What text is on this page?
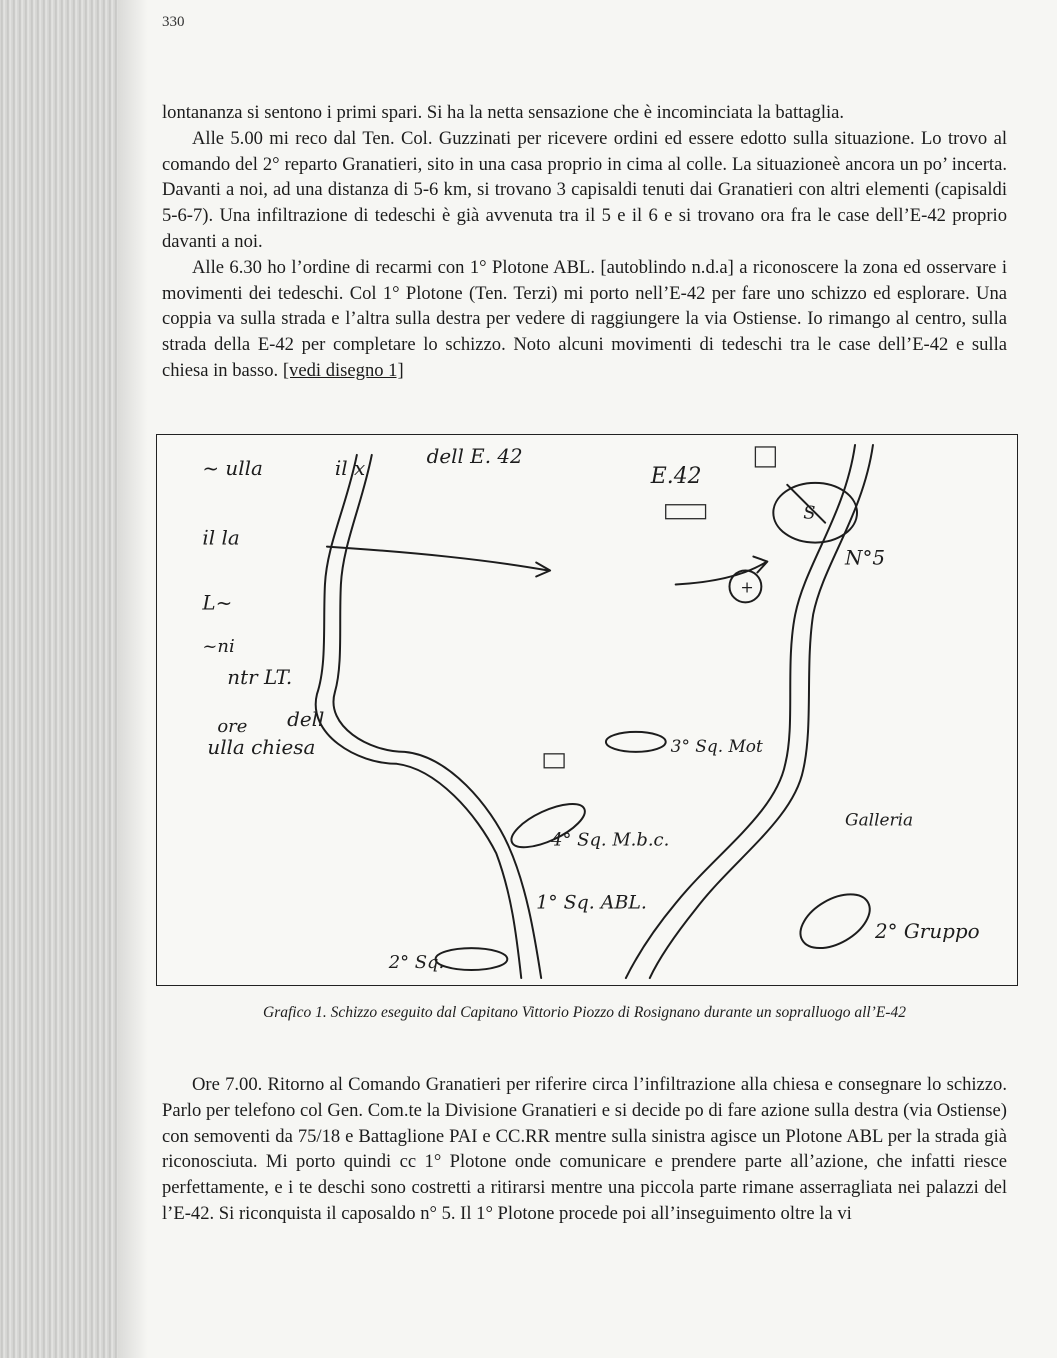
330

lontananza si sentono i primi spari. Si ha la netta sensazione che è incominciata la battaglia.

Alle 5.00 mi reco dal Ten. Col. Guzzinati per ricevere ordini ed essere edotto sulla situazione. Lo trovo al comando del 2° reparto Granatieri, sito in una casa proprio in cima al colle. La situazioneè ancora un po’ incerta. Davanti a noi, ad una distanza di 5-6 km, si trovano 3 capisaldi tenuti dai Granatieri con altri elementi (capisaldi 5-6-7). Una infiltrazione di tedeschi è già avvenuta tra il 5 e il 6 e si trovano ora fra le case dell’E-42 proprio davanti a noi.

Alle 6.30 ho l’ordine di recarmi con 1° Plotone ABL. [autoblindo n.d.a] a riconoscere la zona ed osservare i movimenti dei tedeschi. Col 1° Plotone (Ten. Terzi) mi porto nell’E-42 per fare uno schizzo ed esplorare. Una coppia va sulla strada e l’altra sulla destra per vedere di raggiungere la via Ostiense. Io rimango al centro, sulla strada della E-42 per completare lo schizzo. Noto alcuni movimenti di tedeschi tra le case dell’E-42 e sulla chiesa in basso. [vedi disegno 1]

dell E. 42
E.42
N°5
+
S
~ ulla	il x
il la
L~
~ni
ntr LT.
dell
ore
ulla chiesa	3° Sq. Mot
4° Sq. M.b.c.
1° Sq. ABL.
2° Sq.
Galleria
2° Gruppo
Grafico 1. Schizzo eseguito dal Capitano Vittorio Piozzo di Rosignano durante un sopralluogo all’E-42

Ore 7.00. Ritorno al Comando Granatieri per riferire circa l’infiltrazione alla chiesa e consegnare lo schizzo. Parlo per telefono col Gen. Com.te la Divisione Granatieri e si decide po di fare azione sulla destra (via Ostiense) con semoventi da 75/18 e Battaglione PAI e CC.RR mentre sulla sinistra agisce un Plotone ABL per la strada già riconosciuta. Mi porto quindi cc 1° Plotone onde comunicare e prendere parte all’azione, che infatti riesce perfettamente, e i te deschi sono costretti a ritirarsi mentre una piccola parte rimane asserragliata nei palazzi del l’E-42. Si riconquista il caposaldo n° 5. Il 1° Plotone procede poi all’inseguimento oltre la vi
